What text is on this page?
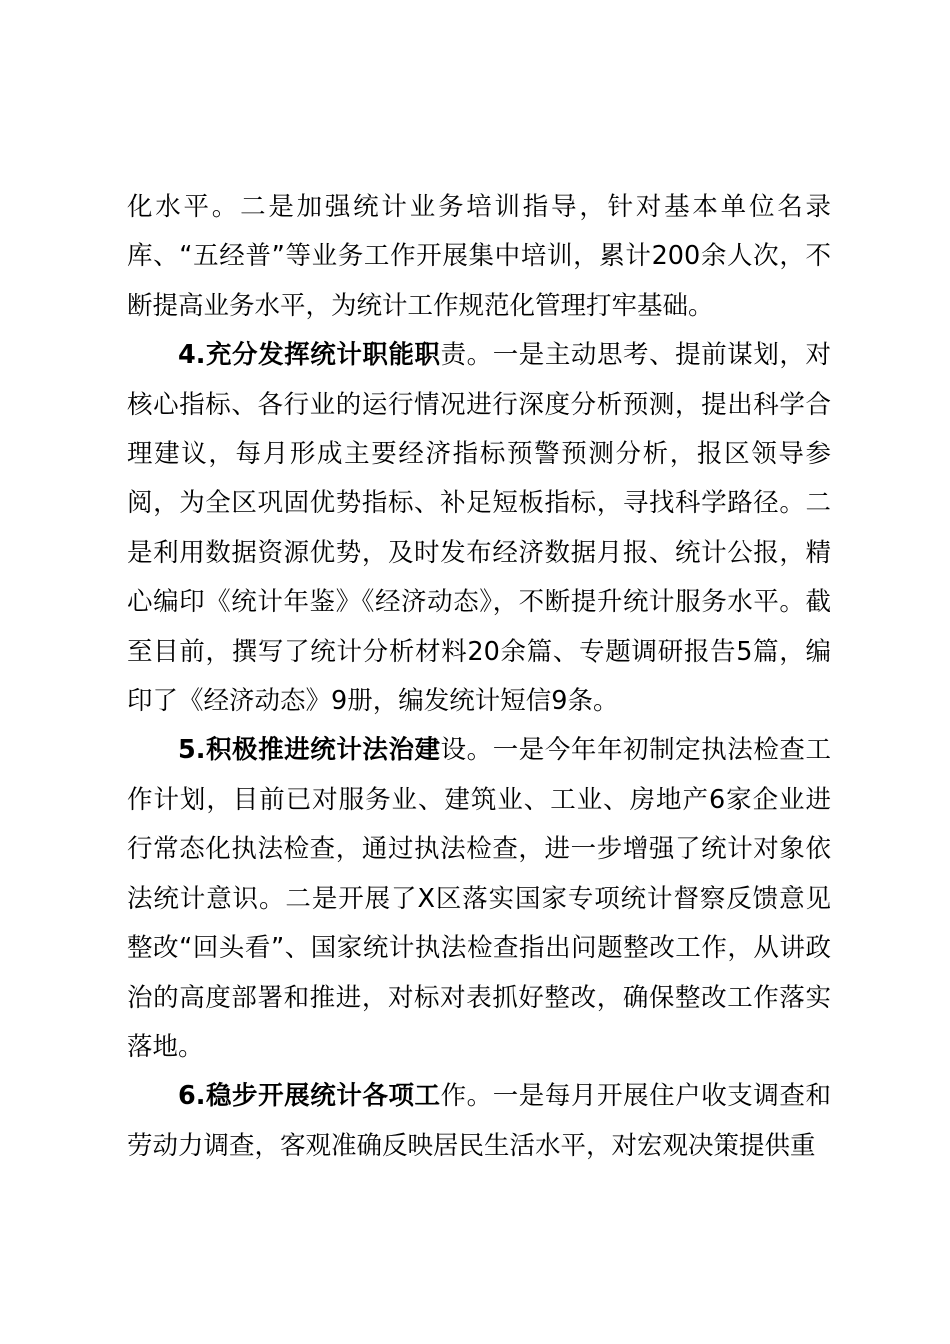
化水平。二是加强统计业务培训指导，针对基本单位名录库、“五经普”等业务工作开展集中培训，累计200余人次，不断提高业务水平，为统计工作规范化管理打牢基础。

4.充分发挥统计职能职责。一是主动思考、提前谋划，对核心指标、各行业的运行情况进行深度分析预测，提出科学合理建议，每月形成主要经济指标预警预测分析，报区领导参阅，为全区巩固优势指标、补足短板指标，寻找科学路径。二是利用数据资源优势，及时发布经济数据月报、统计公报，精心编印《统计年鉴》《经济动态》，不断提升统计服务水平。截至目前，撰写了统计分析材料20余篇、专题调研报告5篇，编印了《经济动态》9册，编发统计短信9条。

5.积极推进统计法治建设。一是今年年初制定执法检查工作计划，目前已对服务业、建筑业、工业、房地产6家企业进行常态化执法检查，通过执法检查，进一步增强了统计对象依法统计意识。二是开展了X区落实国家专项统计督察反馈意见整改“回头看”、国家统计执法检查指出问题整改工作，从讲政治的高度部署和推进，对标对表抓好整改，确保整改工作落实落地。

6.稳步开展统计各项工作。一是每月开展住户收支调查和劳动力调查，客观准确反映居民生活水平，对宏观决策提供重
